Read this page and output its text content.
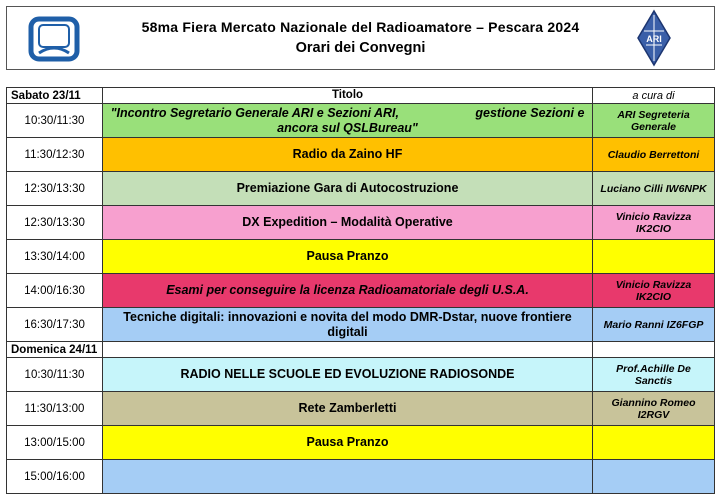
58ma Fiera Mercato Nazionale del Radioamatore – Pescara 2024
Orari dei Convegni
ARI
Sabato 23/11	Titolo	a cura di
10:30/11:30	"Incontro Segretario Generale ARI e Sezioni ARI,                      gestione Sezioni e ancora sul QSLBureau"	ARI Segreteria Generale
11:30/12:30	Radio da Zaino HF	Claudio Berrettoni
12:30/13:30	Premiazione Gara di Autocostruzione	Luciano Cilli IW6NPK
12:30/13:30	DX Expedition – Modalità Operative	Vinicio Ravizza IK2CIO
13:30/14:00	Pausa Pranzo	
14:00/16:30	Esami per conseguire la licenza Radioamatoriale degli U.S.A.	Vinicio Ravizza IK2CIO
16:30/17:30	Tecniche digitali: innovazioni e novita del modo DMR-Dstar, nuove frontiere digitali	Mario Ranni IZ6FGP
Domenica 24/11		
10:30/11:30	RADIO NELLE SCUOLE ED EVOLUZIONE RADIOSONDE	Prof.Achille De Sanctis
11:30/13:00	Rete Zamberletti	Giannino Romeo I2RGV
13:00/15:00	Pausa Pranzo	
15:00/16:00		
